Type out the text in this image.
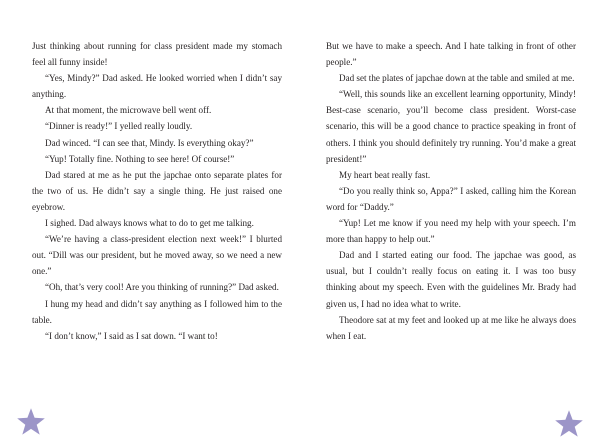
Just thinking about running for class president made my stomach feel all funny inside!

“Yes, Mindy?” Dad asked. He looked worried when I didn’t say anything.

At that moment, the microwave bell went off.

“Dinner is ready!” I yelled really loudly.

Dad winced. “I can see that, Mindy. Is everything okay?”

“Yup! Totally fine. Nothing to see here! Of course!”

Dad stared at me as he put the japchae onto separate plates for the two of us. He didn’t say a single thing. He just raised one eyebrow.

I sighed. Dad always knows what to do to get me talking.

“We’re having a class-president election next week!” I blurted out. “Dill was our president, but he moved away, so we need a new one.”

“Oh, that’s very cool! Are you thinking of running?” Dad asked.

I hung my head and didn’t say anything as I followed him to the table.

“I don’t know,” I said as I sat down. “I want to!

But we have to make a speech. And I hate talking in front of other people.”

Dad set the plates of japchae down at the table and smiled at me.

“Well, this sounds like an excellent learning opportunity, Mindy! Best-case scenario, you’ll become class president. Worst-case scenario, this will be a good chance to practice speaking in front of others. I think you should definitely try running. You’d make a great president!”

My heart beat really fast.

“Do you really think so, Appa?” I asked, calling him the Korean word for “Daddy.”

“Yup! Let me know if you need my help with your speech. I’m more than happy to help out.”

Dad and I started eating our food. The japchae was good, as usual, but I couldn’t really focus on eating it. I was too busy thinking about my speech. Even with the guidelines Mr. Brady had given us, I had no idea what to write.

Theodore sat at my feet and looked up at me like he always does when I eat.
